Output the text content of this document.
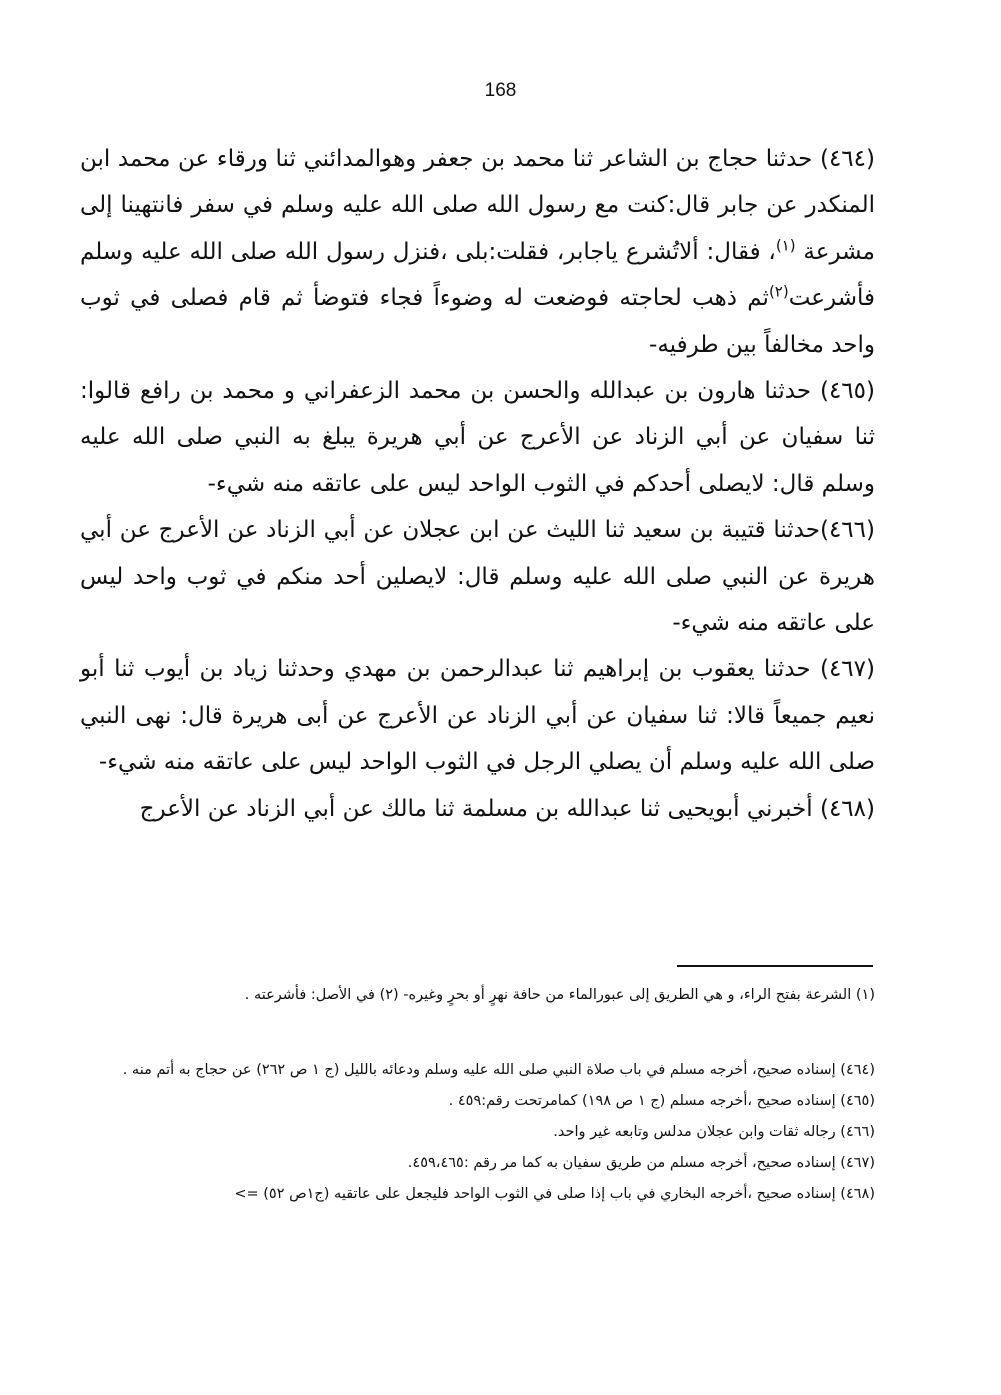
168

(٤٦٤) حدثنا حجاج بن الشاعر ثنا محمد بن جعفر وهوالمدائني ثنا ورقاء عن محمد ابن المنكدر عن جابر قال:كنت مع رسول الله صلى الله عليه وسلم في سفر فانتهينا إلى مشرعة $^{(١)}$، فقال: ألاتُشرع ياجابر، فقلت:بلى ،فنزل رسول الله صلى الله عليه وسلم فأشرعت$^{(٢)}$ثم ذهب لحاجته فوضعت له وضوءاً فجاء فتوضأ ثم قام فصلى في ثوب واحد مخالفاً بين طرفيه-

(٤٦٥) حدثنا هارون بن عبدالله والحسن بن محمد الزعفراني و محمد بن رافع قالوا: ثنا سفيان عن أبي الزناد عن الأعرج عن أبي هريرة يبلغ به النبي صلى الله عليه وسلم قال: لايصلى أحدكم في الثوب الواحد ليس على عاتقه منه شيء-

(٤٦٦)حدثنا قتيبة بن سعيد ثنا الليث عن ابن عجلان عن أبي الزناد عن الأعرج عن أبي هريرة عن النبي صلى الله عليه وسلم قال: لايصلين أحد منكم في ثوب واحد ليس على عاتقه منه شيء-

(٤٦٧) حدثنا يعقوب بن إبراهيم ثنا عبدالرحمن بن مهدي وحدثنا زياد بن أيوب ثنا أبو نعيم جميعاً قالا: ثنا سفيان عن أبي الزناد عن الأعرج عن أبى هريرة قال: نهى النبي صلى الله عليه وسلم أن يصلي الرجل في الثوب الواحد ليس على عاتقه منه شيء-

(٤٦٨) أخبرني أبويحيى ثنا عبدالله بن مسلمة ثنا مالك عن أبي الزناد عن الأعرج

(١) الشرعة بفتح الراء، و هي الطريق إلى عبورالماء من حافة نهرٍ أو بحرٍ وغيره- (٢) في الأصل: فأشرعته .

(٤٦٤) إسناده صحيح، أخرجه مسلم في باب صلاة النبي صلى الله عليه وسلم ودعائه بالليل (ج ١ ص ٢٦٢) عن حجاج به أتم منه .

(٤٦٥) إسناده صحيح ،أخرجه مسلم (ج ١ ص ١٩٨) كمامرتحت رقم:٤٥٩ .

(٤٦٦) رجاله ثقات وابن عجلان مدلس وتابعه غير واحد.

(٤٦٧) إسناده صحيح، أخرجه مسلم من طريق سفيان به كما مر رقم :٤٥٩،٤٦٥.

(٤٦٨) إسناده صحيح ،أخرجه البخاري في باب إذا صلى في الثوب الواحد فليجعل على عاتقيه (ج١ص ٥٢) =>
